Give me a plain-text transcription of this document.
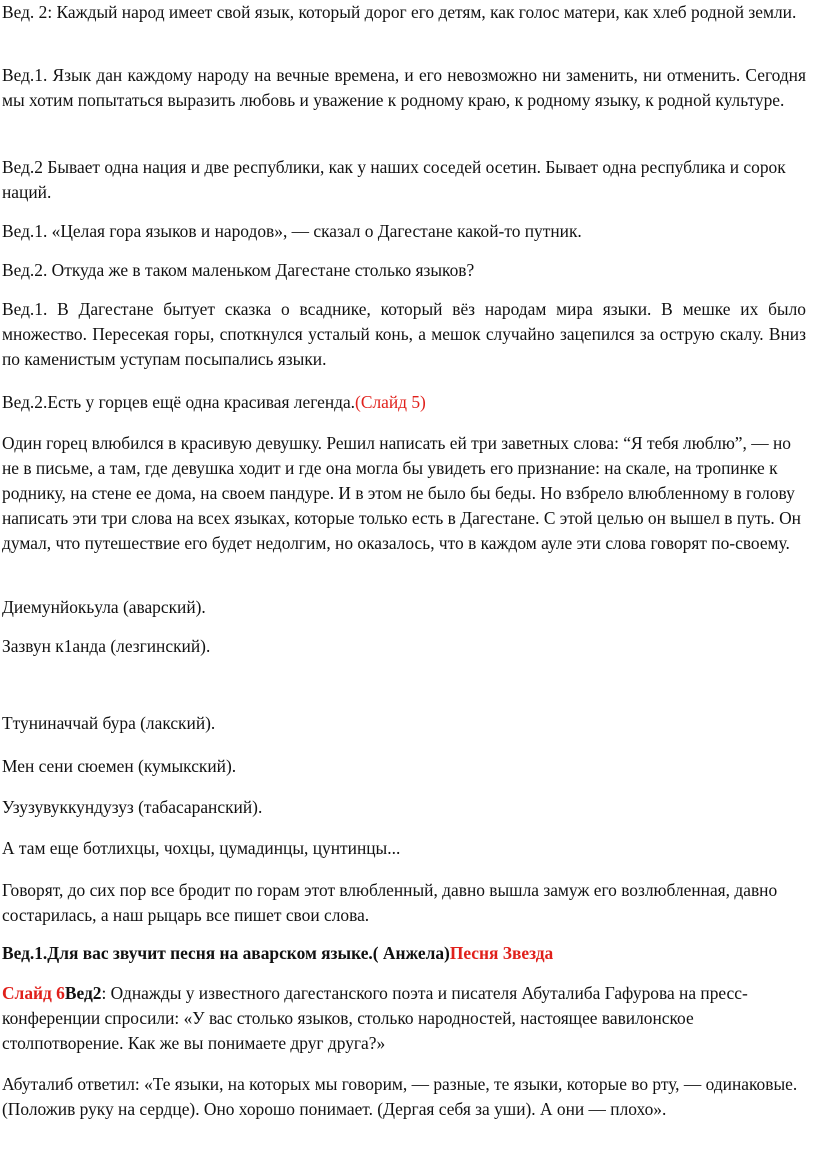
Вед. 2: Каждый народ имеет свой язык, который дорог его детям, как голос матери, как хлеб родной земли.

Вед.1. Язык дан каждому народу на вечные времена, и его невозможно ни заменить, ни отменить. Сегодня мы хотим попытаться выразить любовь и уважение к родному краю, к родному языку, к родной культуре.

Вед.2 Бывает одна нация и две республики, как у наших соседей осетин. Бывает одна республика и сорок наций.

Вед.1. «Целая гора языков и народов», — сказал о Дагестане какой-то путник.

Вед.2. Откуда же в таком маленьком Дагестане столько языков?

Вед.1. В Дагестане бытует сказка о всаднике, который вёз народам мира языки. В мешке их было множество. Пересекая горы, споткнулся усталый конь, а мешок случайно зацепился за острую скалу. Вниз по каменистым уступам посыпались языки.

Вед.2.Есть у горцев ещё одна красивая легенда.(Слайд 5)

Один горец влюбился в красивую девушку. Решил написать ей три заветных слова: “Я тебя люблю”, — но не в письме, а там, где девушка ходит и где она могла бы увидеть его признание: на скале, на тропинке к роднику, на стене ее дома, на своем пандуре. И в этом не было бы беды. Но взбрело влюбленному в голову написать эти три слова на всех языках, которые только есть в Дагестане. С этой целью он вышел в путь. Он думал, что путешествие его будет недолгим, но оказалось, что в каждом ауле эти слова говорят по-своему.

Диемунйокьула (аварский).

Зазвун к1анда (лезгинский).

Ттуниначчай бура (лакский).

Мен сени сюемен (кумыкский).

Узузувуккундузуз (табасаранский).

А там еще ботлихцы, чохцы, цумадинцы, цунтинцы...

Говорят, до сих пор все бродит по горам этот влюбленный, давно вышла замуж его возлюбленная, давно состарилась, а наш рыцарь все пишет свои слова.

Вед.1.Для вас звучит песня на аварском языке.( Анжела)Песня Звезда

Слайд 6Вед2: Однажды у известного дагестанского поэта и писателя Абуталиба Гафурова на пресс-конференции спросили: «У вас столько языков, столько народностей, настоящее вавилонское столпотворение. Как же вы понимаете друг друга?»

Абуталиб ответил: «Те языки, на которых мы говорим, — разные, те языки, которые во рту, — одинаковые. (Положив руку на сердце). Оно хорошо понимает. (Дергая себя за уши). А они — плохо».
